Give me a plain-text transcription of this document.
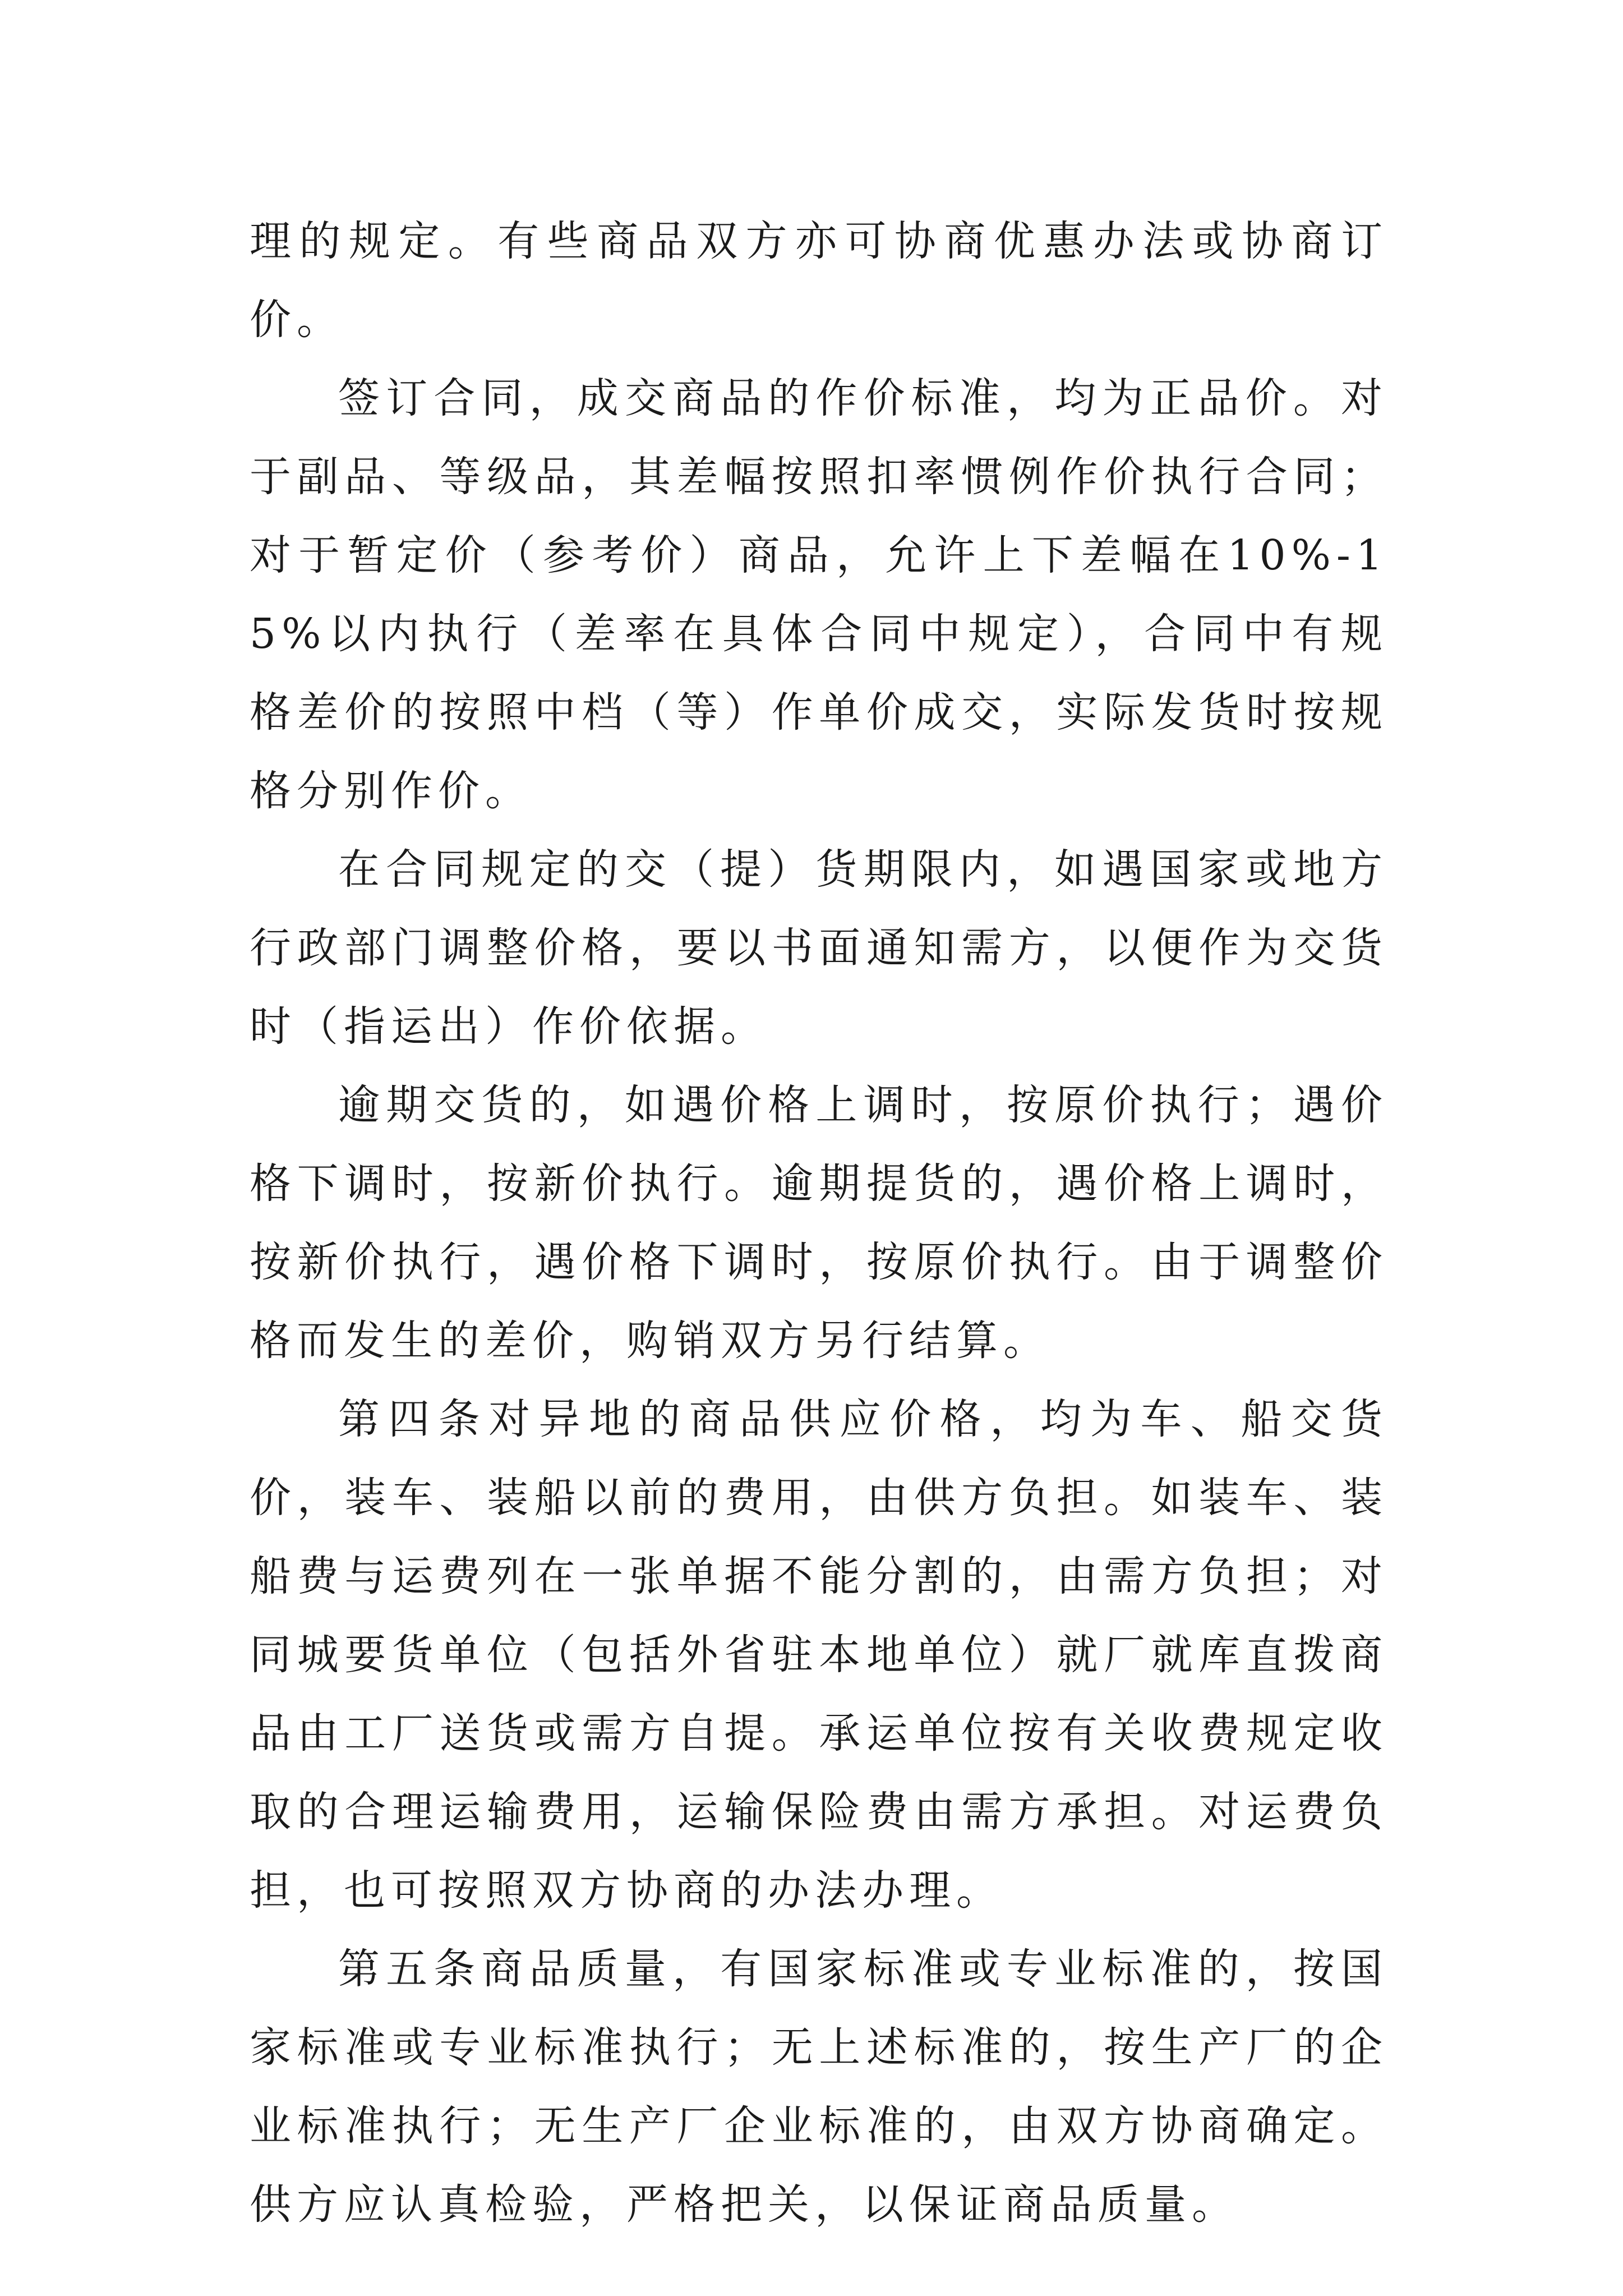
理的规定。有些商品双方亦可协商优惠办法或协商订价。

签订合同，成交商品的作价标准，均为正品价。对于副品、等级品，其差幅按照扣率惯例作价执行合同；对于暂定价（参考价）商品，允许上下差幅在10%-15%以内执行（差率在具体合同中规定），合同中有规格差价的按照中档（等）作单价成交，实际发货时按规格分别作价。

在合同规定的交（提）货期限内，如遇国家或地方行政部门调整价格，要以书面通知需方，以便作为交货时（指运出）作价依据。

逾期交货的，如遇价格上调时，按原价执行；遇价格下调时，按新价执行。逾期提货的，遇价格上调时，按新价执行，遇价格下调时，按原价执行。由于调整价格而发生的差价，购销双方另行结算。

第四条对异地的商品供应价格，均为车、船交货价，装车、装船以前的费用，由供方负担。如装车、装船费与运费列在一张单据不能分割的，由需方负担；对同城要货单位（包括外省驻本地单位）就厂就库直拨商品由工厂送货或需方自提。承运单位按有关收费规定收取的合理运输费用，运输保险费由需方承担。对运费负担，也可按照双方协商的办法办理。

第五条商品质量，有国家标准或专业标准的，按国家标准或专业标准执行；无上述标准的，按生产厂的企业标准执行；无生产厂企业标准的，由双方协商确定。供方应认真检验，严格把关，以保证商品质量。
